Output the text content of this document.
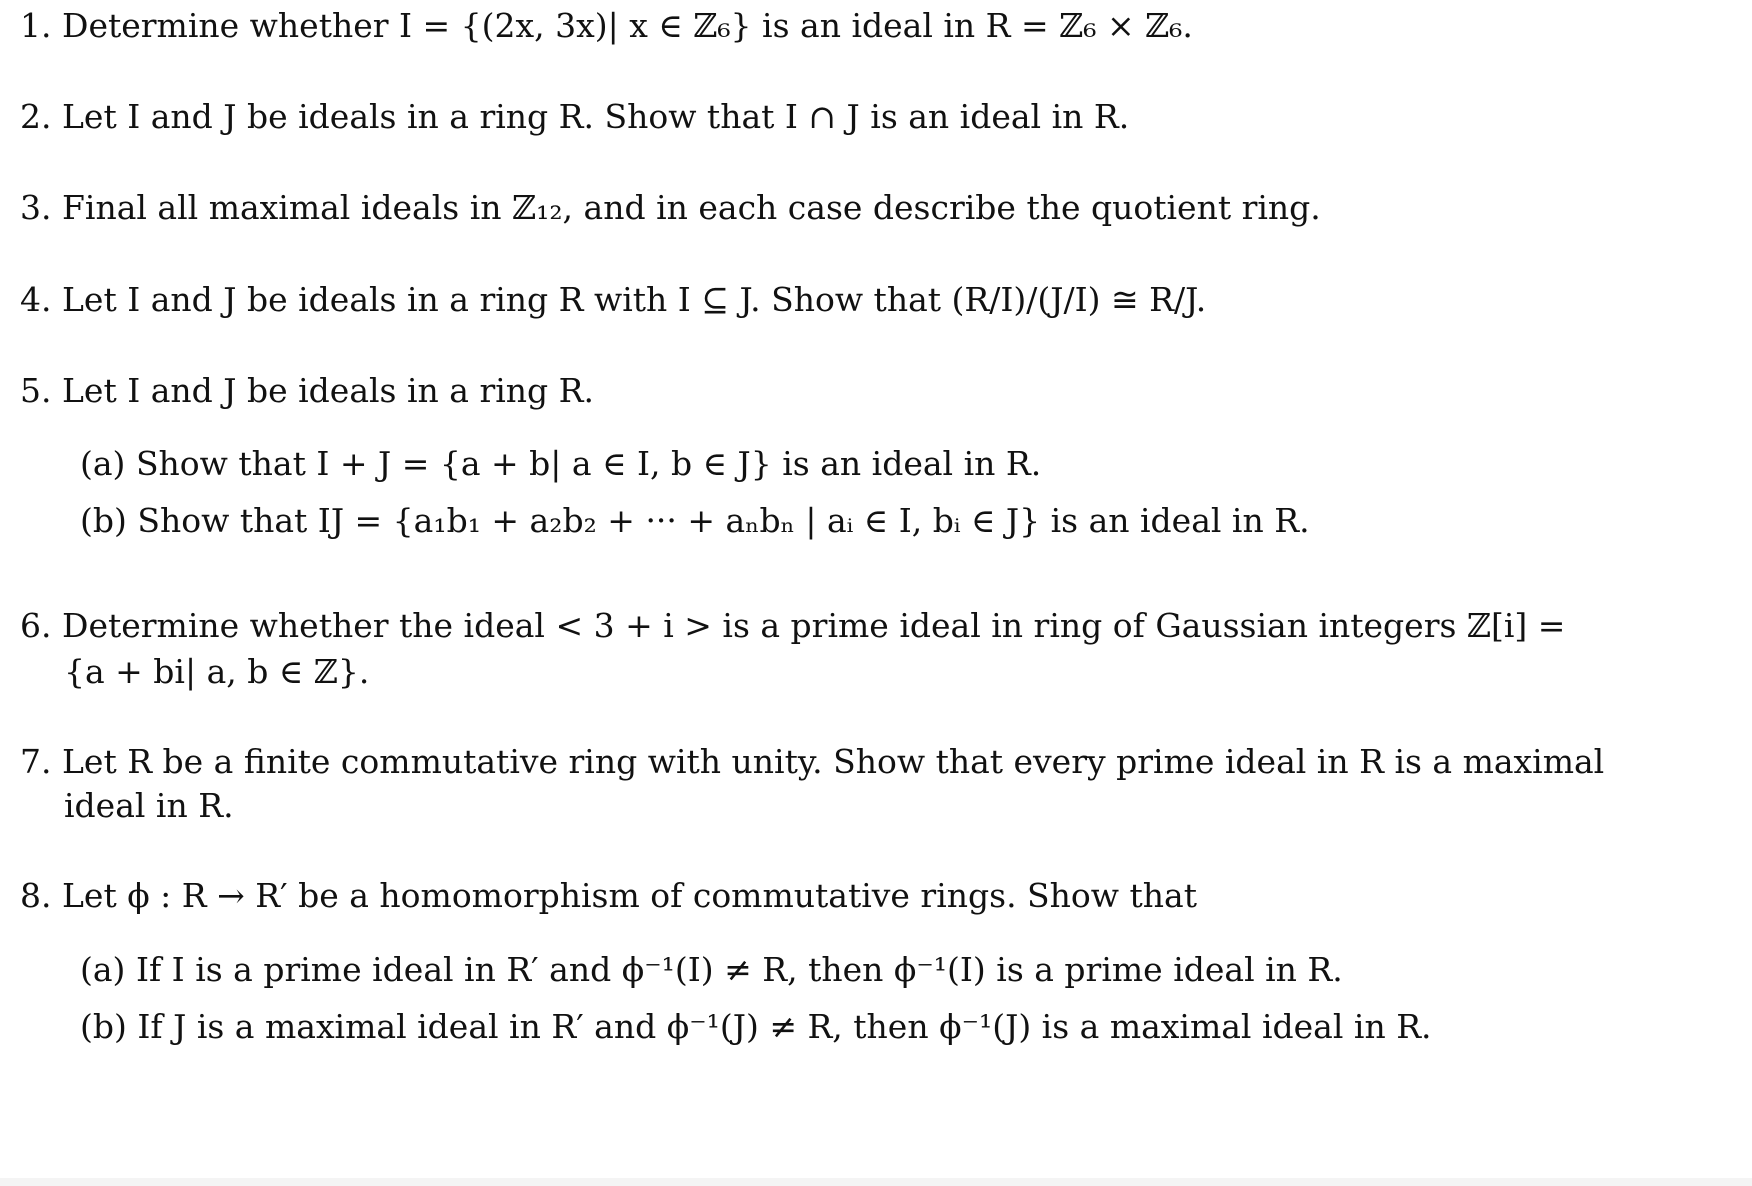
1. Determine whether I = {(2x, 3x)| x ∈ ℤ₆} is an ideal in R = ℤ₆ × ℤ₆.
2. Let I and J be ideals in a ring R. Show that I ∩ J is an ideal in R.
3. Final all maximal ideals in ℤ₁₂, and in each case describe the quotient ring.
4. Let I and J be ideals in a ring R with I ⊆ J. Show that (R/I)/(J/I) ≅ R/J.
5. Let I and J be ideals in a ring R.
(a) Show that I + J = {a + b| a ∈ I, b ∈ J} is an ideal in R.
(b) Show that IJ = {a₁b₁ + a₂b₂ + ··· + aₙbₙ | aᵢ ∈ I, bᵢ ∈ J} is an ideal in R.
6. Determine whether the ideal < 3 + i > is a prime ideal in ring of Gaussian integers ℤ[i] =
{a + bi| a, b ∈ ℤ}.
7. Let R be a finite commutative ring with unity. Show that every prime ideal in R is a maximal
ideal in R.
8. Let ϕ : R → R′ be a homomorphism of commutative rings. Show that
(a) If I is a prime ideal in R′ and ϕ⁻¹(I) ≠ R, then ϕ⁻¹(I) is a prime ideal in R.
(b) If J is a maximal ideal in R′ and ϕ⁻¹(J) ≠ R, then ϕ⁻¹(J) is a maximal ideal in R.
